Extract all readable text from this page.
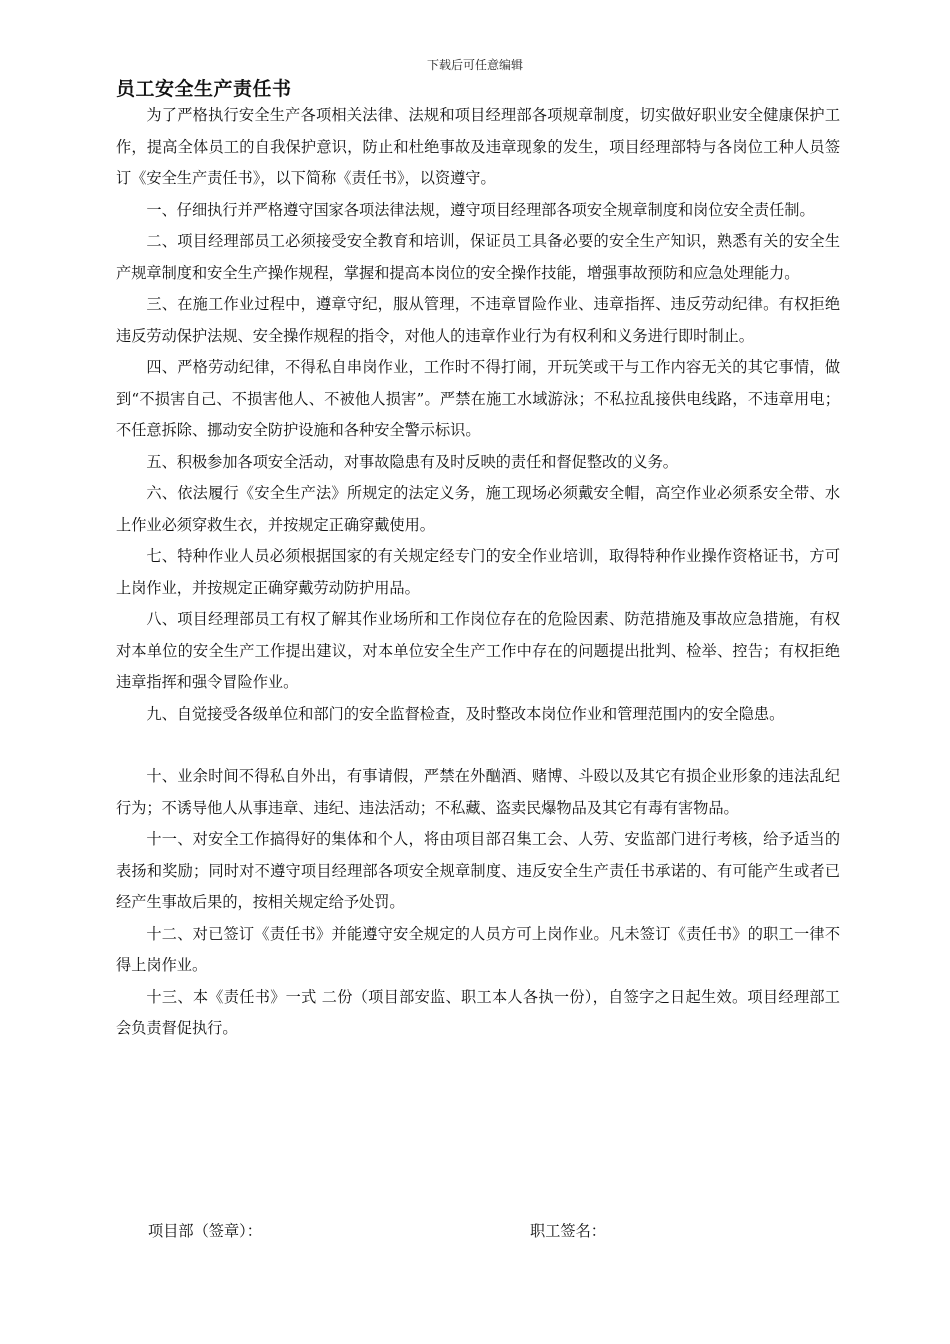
下载后可任意编辑
员工安全生产责任书

为了严格执行安全生产各项相关法律、法规和项目经理部各项规章制度，切实做好职业安全健康保护工作，提高全体员工的自我保护意识，防止和杜绝事故及违章现象的发生，项目经理部特与各岗位工种人员签订《安全生产责任书》，以下简称《责任书》，以资遵守。

一、仔细执行并严格遵守国家各项法律法规，遵守项目经理部各项安全规章制度和岗位安全责任制。

二、项目经理部员工必须接受安全教育和培训，保证员工具备必要的安全生产知识，熟悉有关的安全生产规章制度和安全生产操作规程，掌握和提高本岗位的安全操作技能，增强事故预防和应急处理能力。

三、在施工作业过程中，遵章守纪，服从管理，不违章冒险作业、违章指挥、违反劳动纪律。有权拒绝违反劳动保护法规、安全操作规程的指令，对他人的违章作业行为有权利和义务进行即时制止。

四、严格劳动纪律，不得私自串岗作业，工作时不得打闹，开玩笑或干与工作内容无关的其它事情，做到“不损害自己、不损害他人、不被他人损害”。严禁在施工水域游泳；不私拉乱接供电线路，不违章用电；不任意拆除、挪动安全防护设施和各种安全警示标识。

五、积极参加各项安全活动，对事故隐患有及时反映的责任和督促整改的义务。

六、依法履行《安全生产法》所规定的法定义务，施工现场必须戴安全帽，高空作业必须系安全带、水上作业必须穿救生衣，并按规定正确穿戴使用。

七、特种作业人员必须根据国家的有关规定经专门的安全作业培训，取得特种作业操作资格证书，方可上岗作业，并按规定正确穿戴劳动防护用品。

八、项目经理部员工有权了解其作业场所和工作岗位存在的危险因素、防范措施及事故应急措施，有权对本单位的安全生产工作提出建议，对本单位安全生产工作中存在的问题提出批判、检举、控告；有权拒绝违章指挥和强令冒险作业。

九、自觉接受各级单位和部门的安全监督检查，及时整改本岗位作业和管理范围内的安全隐患。

十、业余时间不得私自外出，有事请假，严禁在外酗酒、赌博、斗殴以及其它有损企业形象的违法乱纪行为；不诱导他人从事违章、违纪、违法活动；不私藏、盗卖民爆物品及其它有毒有害物品。

十一、对安全工作搞得好的集体和个人，将由项目部召集工会、人劳、安监部门进行考核，给予适当的表扬和奖励；同时对不遵守项目经理部各项安全规章制度、违反安全生产责任书承诺的、有可能产生或者已经产生事故后果的，按相关规定给予处罚。

十二、对已签订《责任书》并能遵守安全规定的人员方可上岗作业。凡未签订《责任书》的职工一律不得上岗作业。

十三、本《责任书》一式 二份（项目部安监、职工本人各执一份），自签字之日起生效。项目经理部工会负责督促执行。

项目部（签章）：	职工签名：
